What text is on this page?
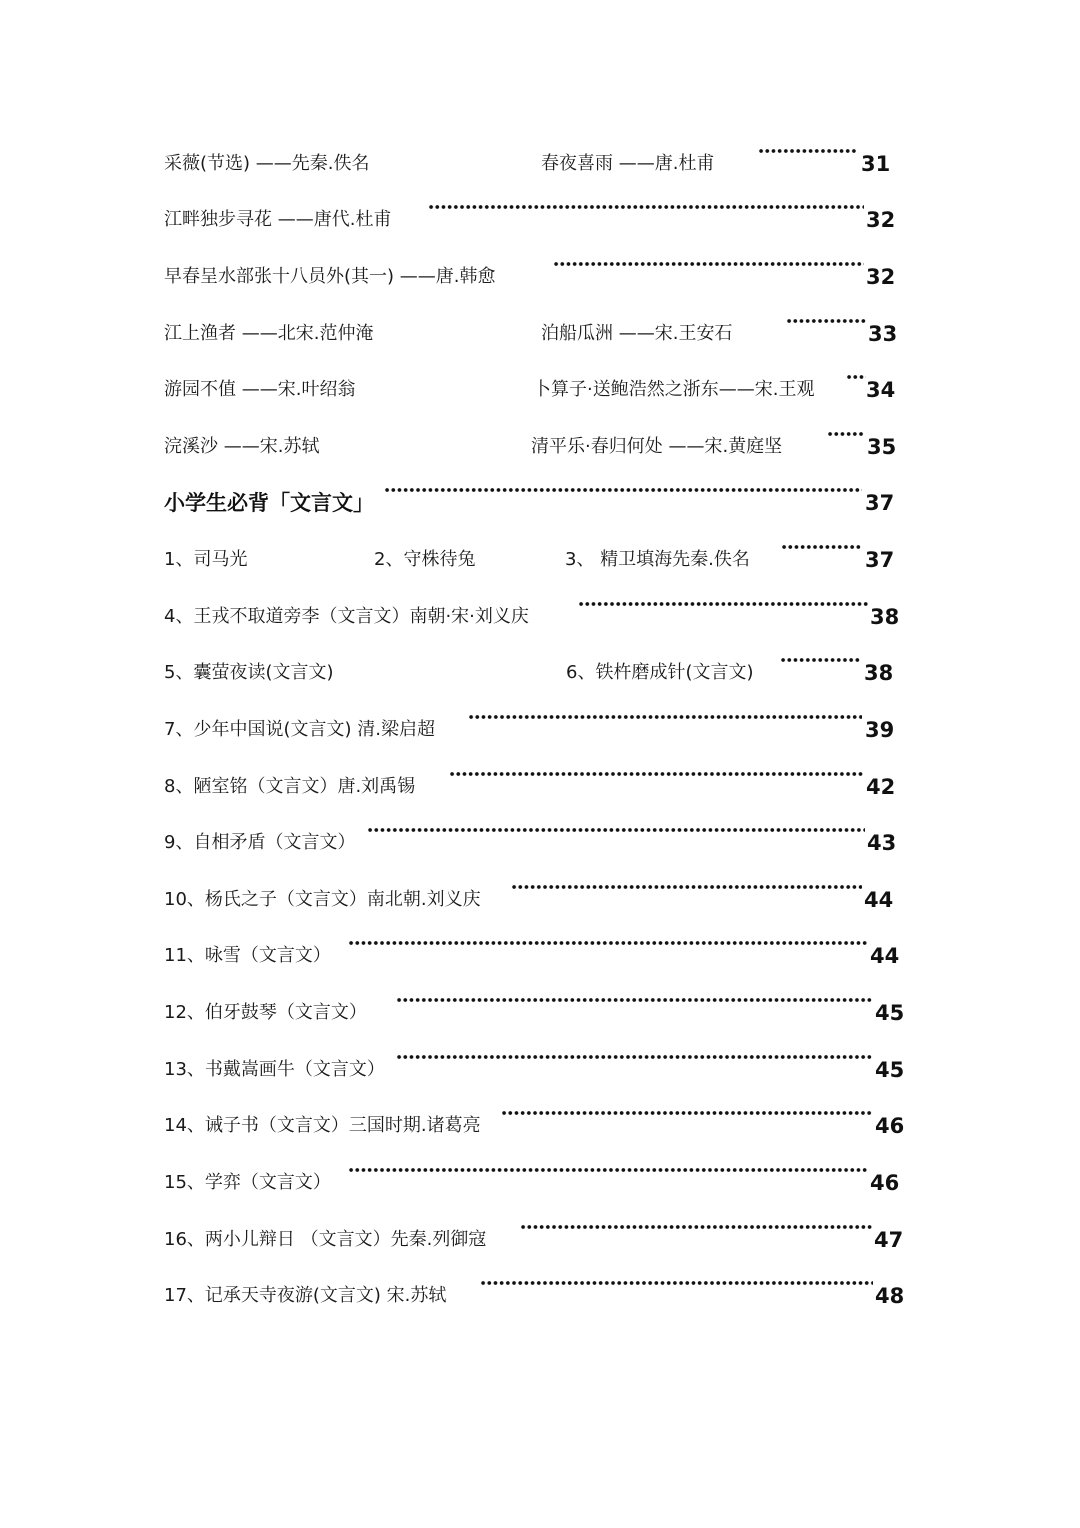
采薇(节选) ——先秦.佚名	春夜喜雨 ——唐.杜甫	31
江畔独步寻花 ——唐代.杜甫	32
早春呈水部张十八员外(其一) ——唐.韩愈	32
江上渔者 ——北宋.范仲淹	泊船瓜洲 ——宋.王安石	33
游园不值 ——宋.叶绍翁	卜算子·送鲍浩然之浙东——宋.王观 34
浣溪沙 ——宋.苏轼	清平乐·春归何处 ——宋.黄庭坚	35
小学生必背「文言文」	37
1、司马光	2、守株待兔	3、 精卫填海先秦.佚名	37
4、王戎不取道旁李（文言文）南朝·宋·刘义庆	38
5、囊萤夜读(文言文)	6、铁杵磨成针(文言文)	38
7、少年中国说(文言文) 清.梁启超	39
8、陋室铭（文言文）唐.刘禹锡	42
9、自相矛盾（文言文）	43
10、杨氏之子（文言文）南北朝.刘义庆	44
11、咏雪（文言文）	44
12、伯牙鼓琴（文言文）	45
13、书戴嵩画牛（文言文）	45
14、诫子书（文言文）三国时期.诸葛亮	46
15、学弈（文言文）	46
16、两小儿辩日 （文言文）先秦.列御寇	47
17、记承天寺夜游(文言文) 宋.苏轼	48
